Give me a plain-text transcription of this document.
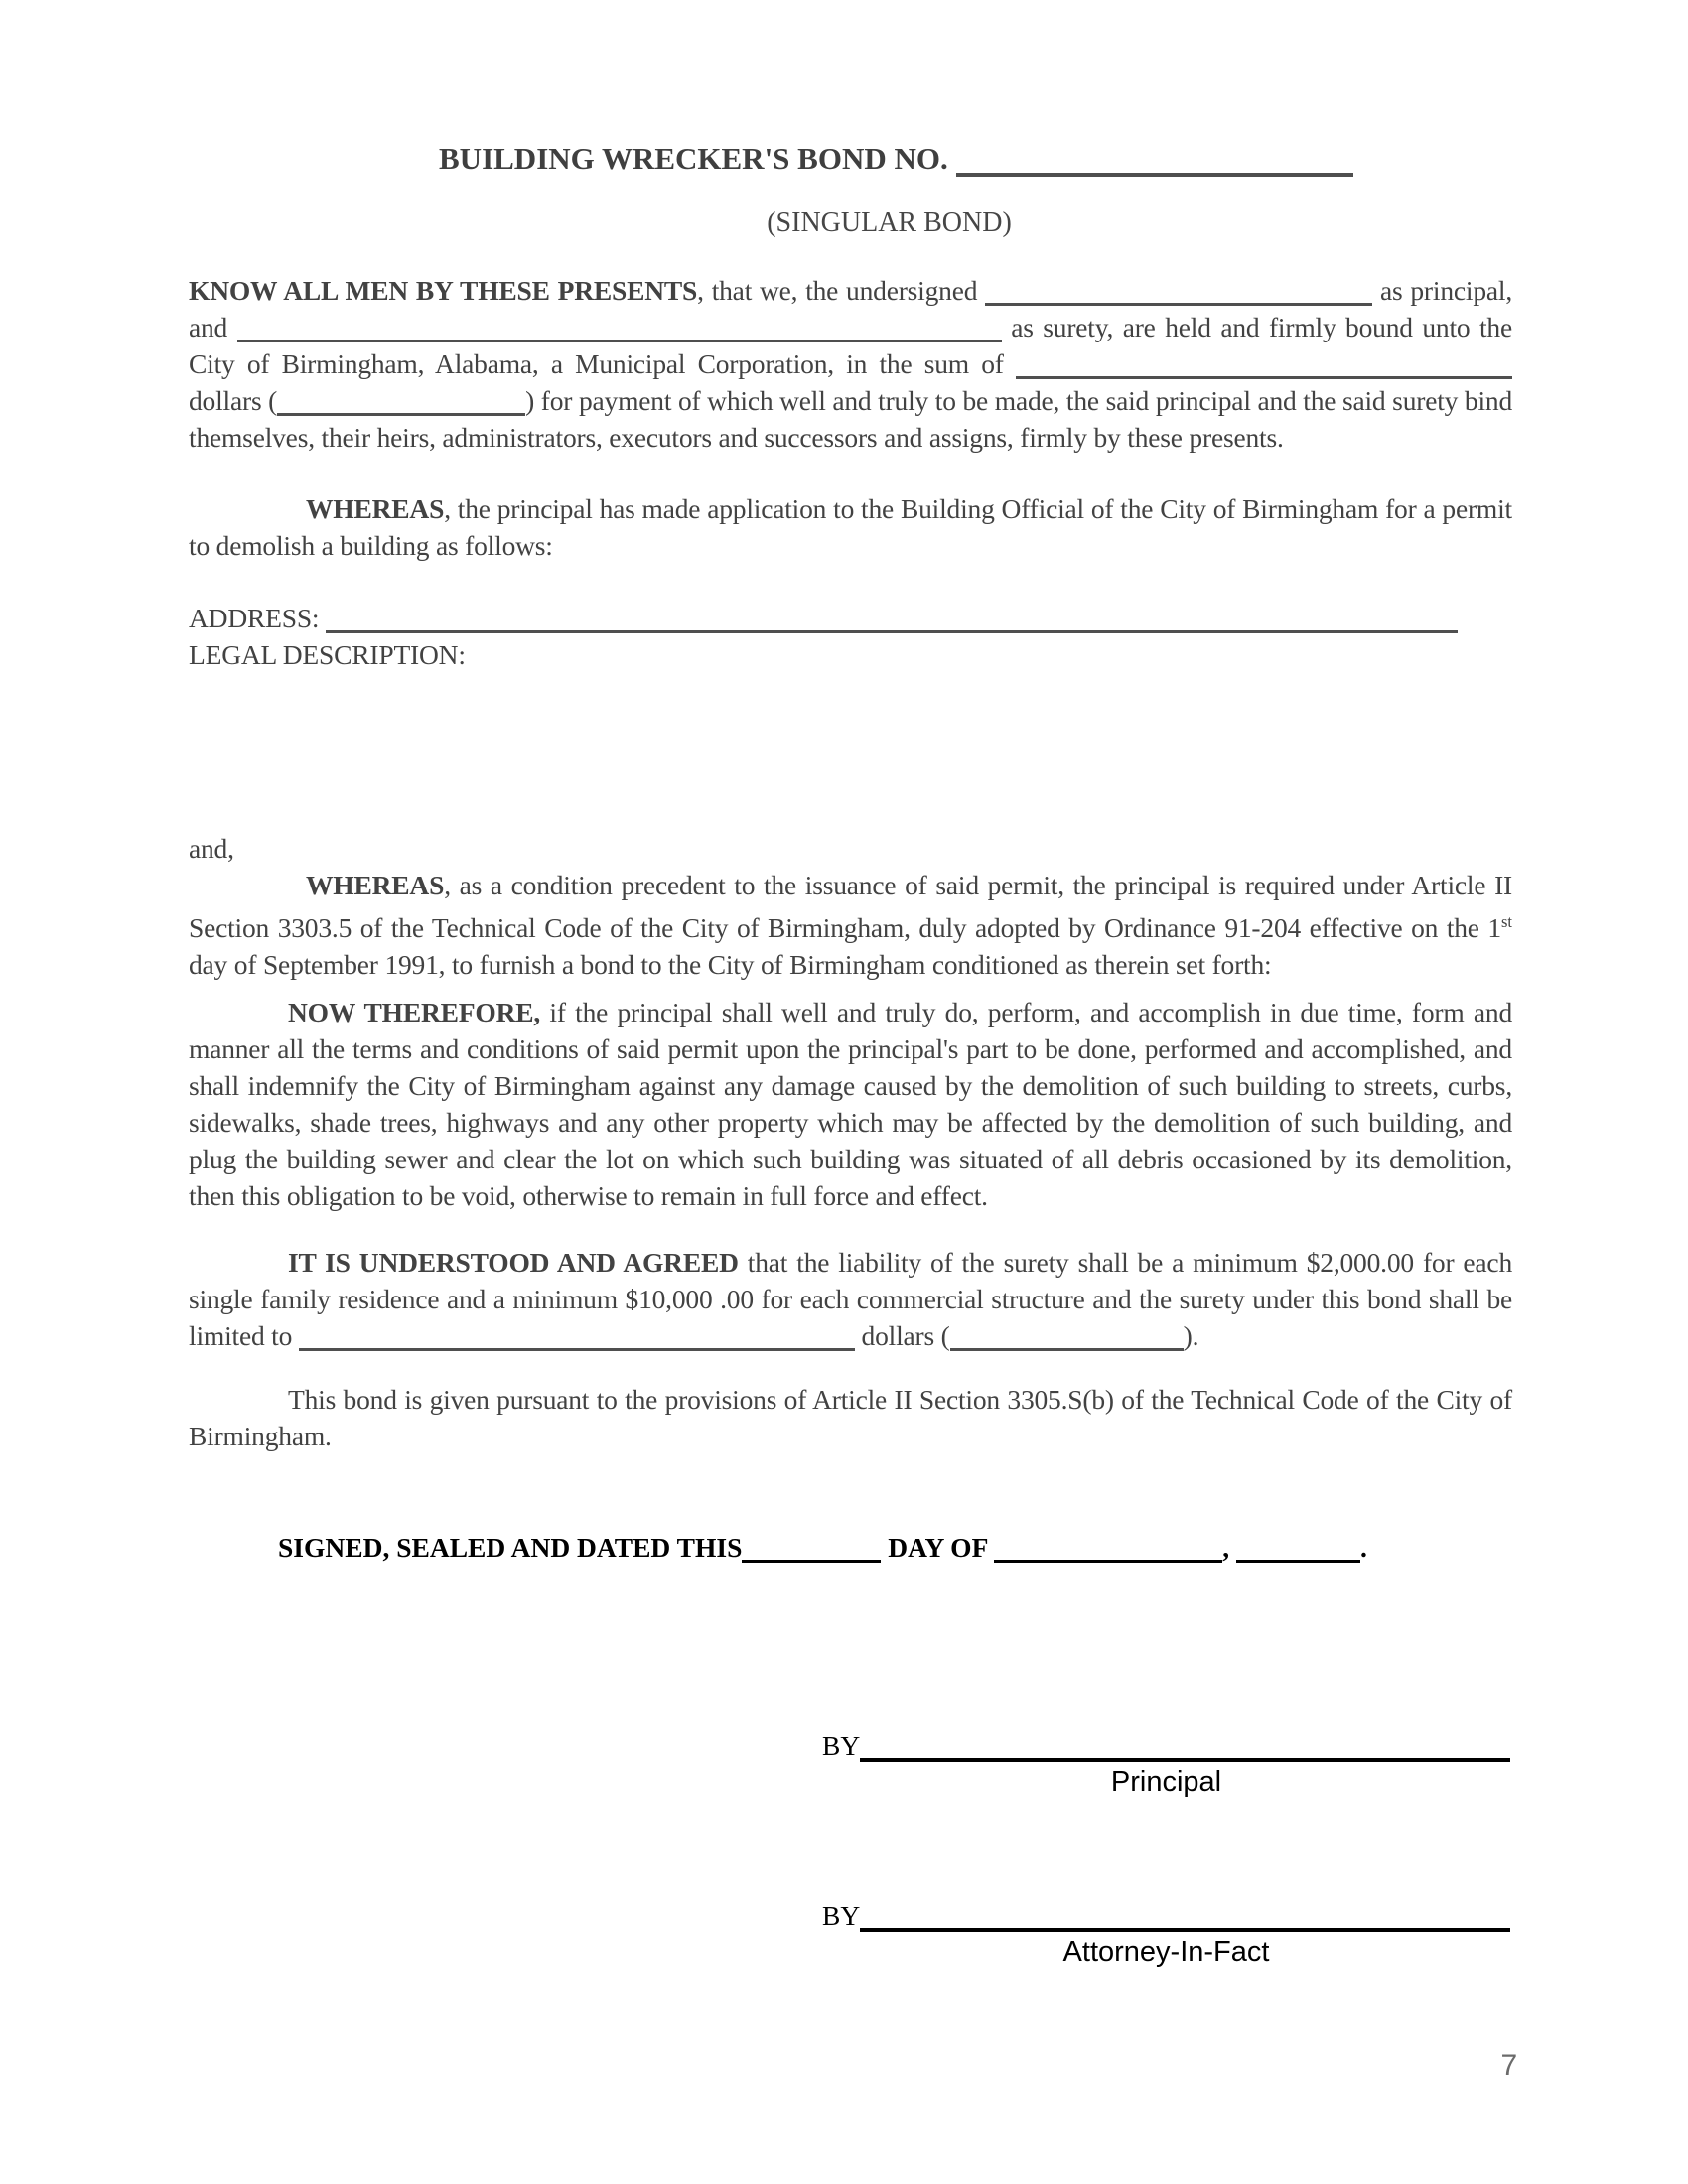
BUILDING WRECKER'S BOND NO.
(SINGULAR BOND)

KNOW ALL MEN BY THESE PRESENTS, that we, the undersigned	as principal, and	as surety, are held and firmly bound unto the City of Birmingham, Alabama, a Municipal Corporation, in the sum of  dollars (	) for payment of which well and truly to be made, the said principal and the said surety bind themselves, their heirs, administrators, executors and successors and assigns, firmly by these presents.

WHEREAS, the principal has made application to the Building Official of the City of Birmingham for a permit to demolish a building as follows:

ADDRESS:

LEGAL DESCRIPTION:

and,

WHEREAS, as a condition precedent to the issuance of said permit, the principal is required under Article II Section 3303.5 of the Technical Code of the City of Birmingham, duly adopted by Ordinance 91-204 effective on the 1st day of September 1991, to furnish a bond to the City of Birmingham conditioned as therein set forth:

NOW THEREFORE, if the principal shall well and truly do, perform, and accomplish in due time, form and manner all the terms and conditions of said permit upon the principal's part to be done, performed and accomplished, and shall indemnify the City of Birmingham against any damage caused by the demolition of such building to streets, curbs, sidewalks, shade trees, highways and any other property which may be affected by the demolition of such building, and plug the building sewer and clear the lot on which such building was situated of all debris occasioned by its demolition, then this obligation to be void, otherwise to remain in full force and effect.

IT IS UNDERSTOOD AND AGREED that the liability of the surety shall be a minimum $2,000.00 for each single family residence and a minimum $10,000 .00 for each commercial structure and the surety under this bond shall be limited to	dollars (	).

This bond is given pursuant to the provisions of Article II Section 3305.S(b) of the Technical Code of the City of Birmingham.

SIGNED, SEALED AND DATED THIS	DAY OF	,	.

BY

Principal

BY

Attorney-In-Fact
7
